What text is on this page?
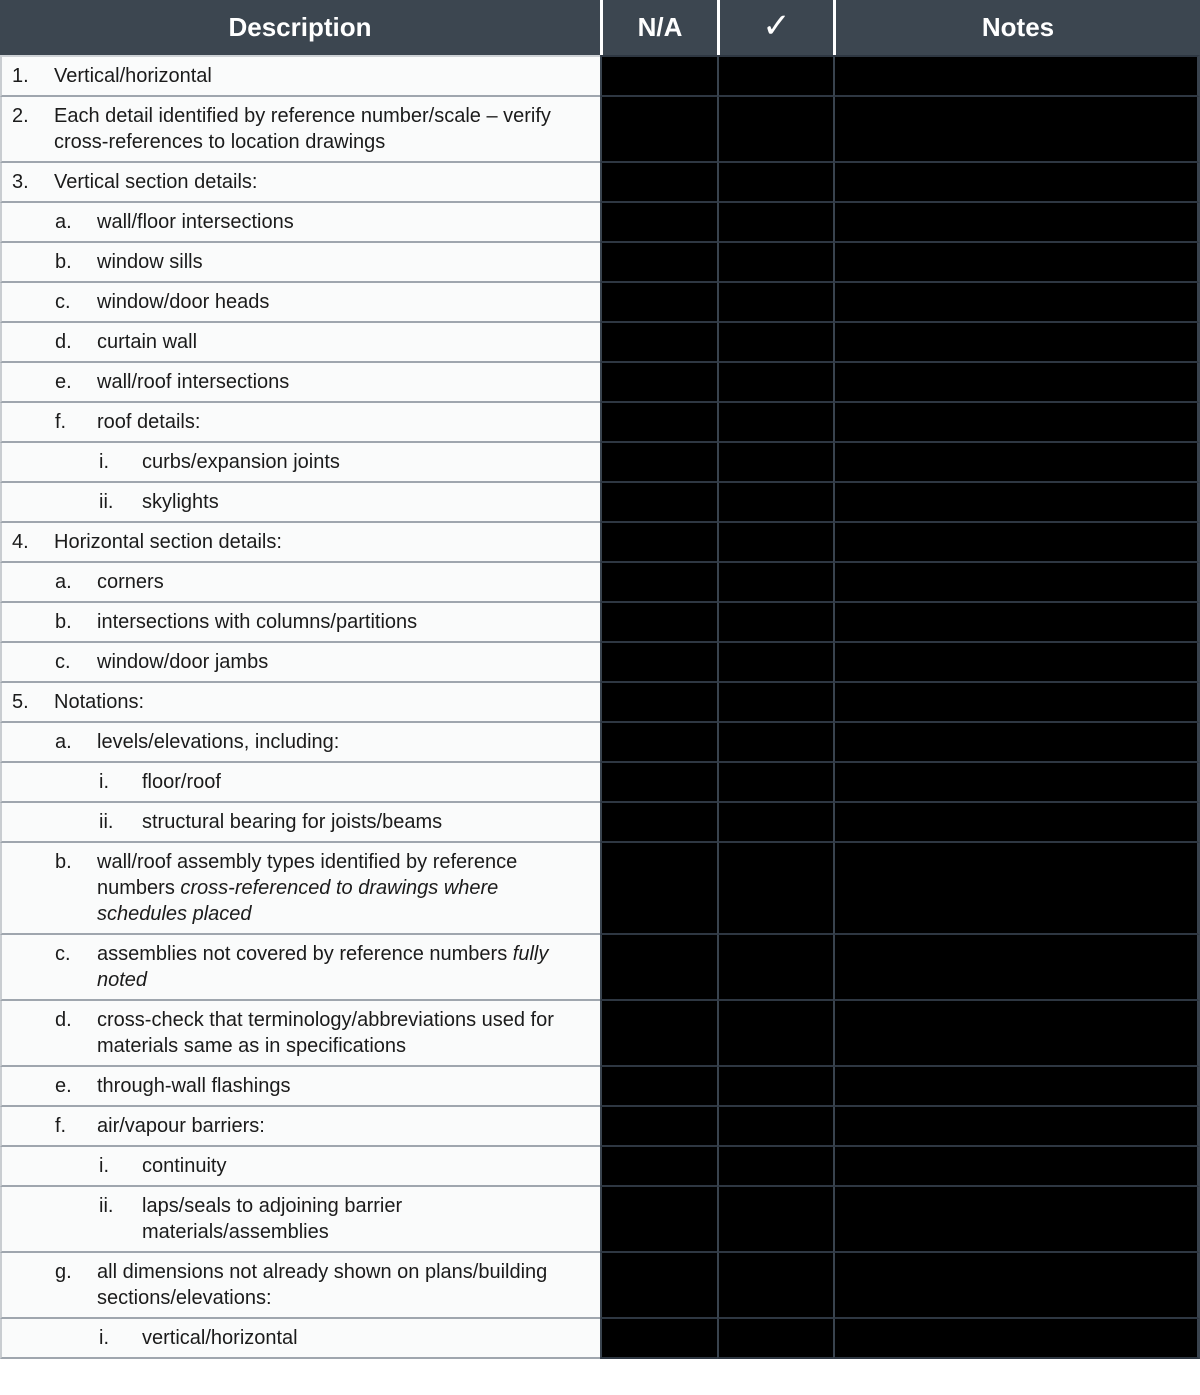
Description	N/A	✓	Notes

1. Vertical/horizontal			

2. Each detail identified by reference number/scale – verify cross-references to location drawings			

3. Vertical section details:			

a. wall/floor intersections			

b. window sills			

c. window/door heads			

d. curtain wall			

e. wall/roof intersections			

f. roof details:			

i. curbs/expansion joints			

ii. skylights			

4. Horizontal section details:			

a. corners			

b. intersections with columns/partitions			

c. window/door jambs			

5. Notations:			

a. levels/elevations, including:			

i. floor/roof			

ii. structural bearing for joists/beams			

b. wall/roof assembly types identified by reference numbers cross-referenced to drawings where schedules placed			

c. assemblies not covered by reference numbers fully noted			

d. cross-check that terminology/abbreviations used for materials same as in specifications			

e. through-wall flashings			

f. air/vapour barriers:			

i. continuity			

ii. laps/seals to adjoining barrier materials/assemblies			

g. all dimensions not already shown on plans/building sections/elevations:			

i. vertical/horizontal			
